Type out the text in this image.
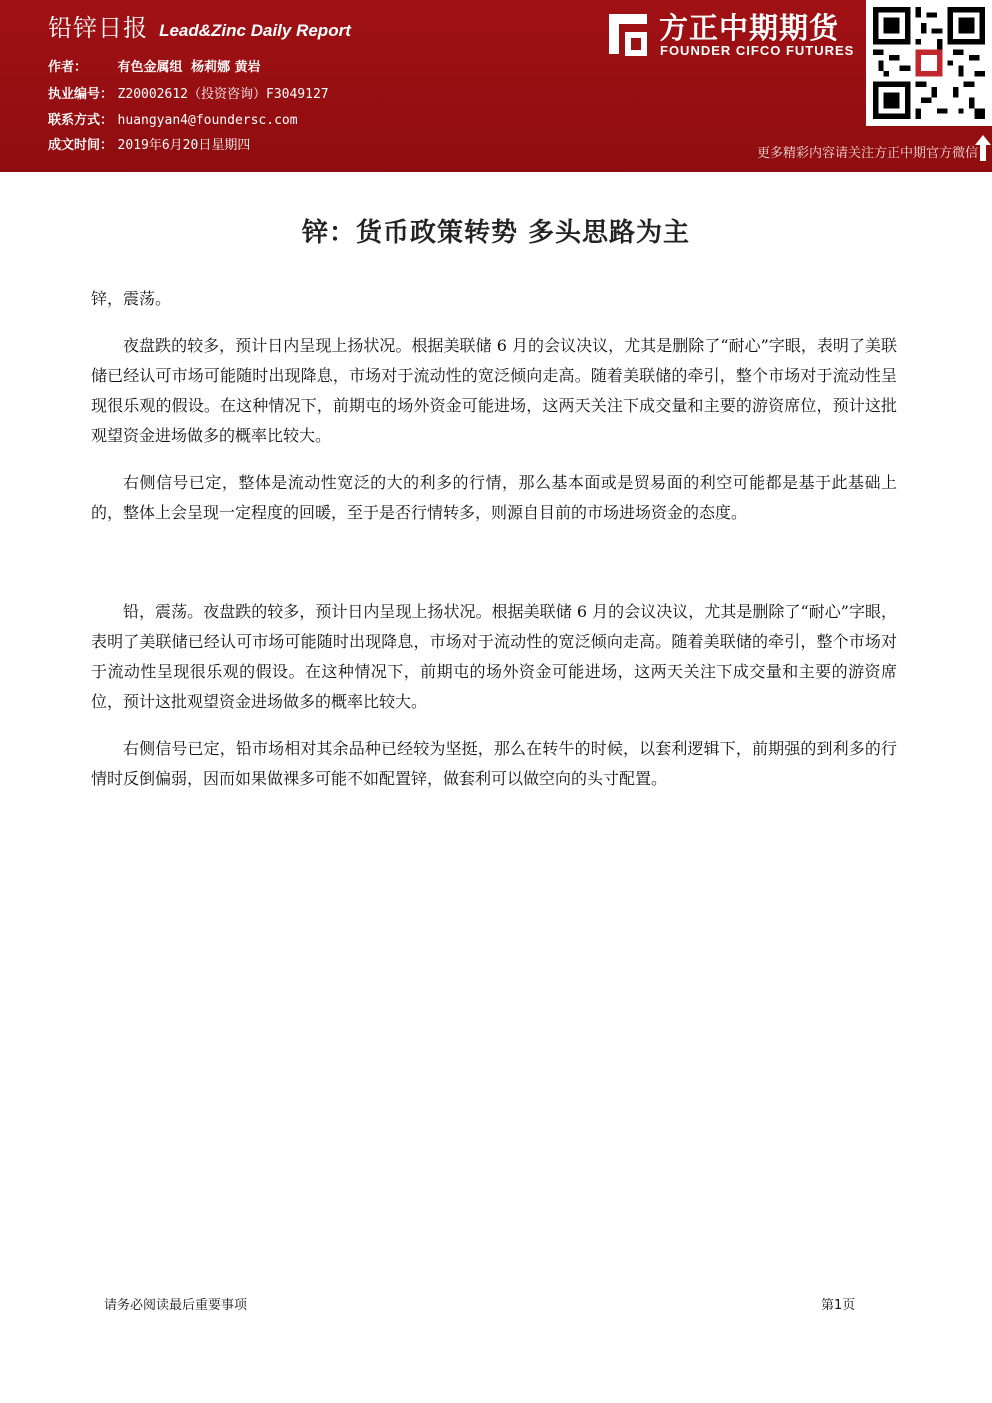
铅锌日报 Lead&Zinc Daily Report
作者： 有色金属组 杨莉娜 黄岩
执业编号： Z20002612（投资咨询）F3049127
联系方式： huangyan4@foundersc.com
成文时间： 2019年6月20日星期四
方正中期期货
FOUNDER CIFCO FUTURES
更多精彩内容请关注方正中期官方微信
锌：货币政策转势 多头思路为主

锌，震荡。

夜盘跌的较多，预计日内呈现上扬状况。根据美联储 6 月的会议决议，尤其是删除了“耐心”字眼，表明了美联储已经认可市场可能随时出现降息，市场对于流动性的宽泛倾向走高。随着美联储的牵引，整个市场对于流动性呈现很乐观的假设。在这种情况下，前期屯的场外资金可能进场，这两天关注下成交量和主要的游资席位，预计这批观望资金进场做多的概率比较大。

右侧信号已定，整体是流动性宽泛的大的利多的行情，那么基本面或是贸易面的利空可能都是基于此基础上的，整体上会呈现一定程度的回暖，至于是否行情转多，则源自目前的市场进场资金的态度。

铅，震荡。夜盘跌的较多，预计日内呈现上扬状况。根据美联储 6 月的会议决议，尤其是删除了“耐心”字眼，表明了美联储已经认可市场可能随时出现降息，市场对于流动性的宽泛倾向走高。随着美联储的牵引，整个市场对于流动性呈现很乐观的假设。在这种情况下，前期屯的场外资金可能进场，这两天关注下成交量和主要的游资席位，预计这批观望资金进场做多的概率比较大。

右侧信号已定，铅市场相对其余品种已经较为坚挺，那么在转牛的时候，以套利逻辑下，前期强的到利多的行情时反倒偏弱，因而如果做裸多可能不如配置锌，做套利可以做空向的头寸配置。

请务必阅读最后重要事项	第1页
